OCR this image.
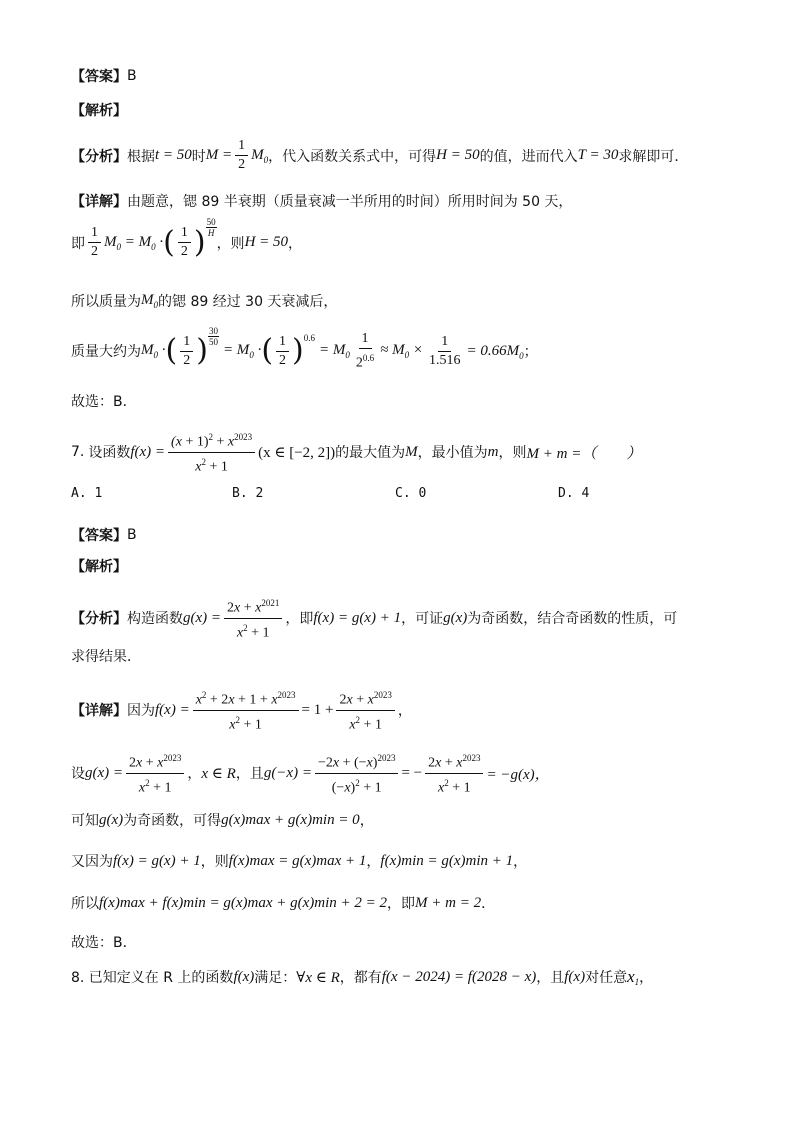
【答案】 B
【解析】
【分析】 根据 t = 50 时 $M = \frac{1}{2} M_0$ ，代入函数关系式中，可得 H = 50 的值，进而代入 T = 30 求解即可．
【详解】 由题意，锶 89 半衰期（质量衰减一半所用的时间）所用时间为 50 天，
即 $\frac{1}{2} M_0 = M_0$ · ( $\frac{1}{2}$ ) $\frac{50}{H}$
，则 H = 50 ，
所以质量为 $M_0$ 的锶 89 经过 30 天衰减后，
质量大约为 $M_0$ · ( $\frac{1}{2}$ ) $\frac{30}{50}$
= $M_0$ · ( $\frac{1}{2}$ ) 0.6
= $M_0 \frac{1}{2^{0.6}} \approx M_0 \times \frac{1}{1.516} = 0.66M$ 0 ；
故选：B．
7. 设函数 $f(x) = \frac{(x + 1)^2 + x^{2023}}{x^2 + 1} (x$ ∈ [−2, 2]) 的最大值为 M ，最小值为 m ，则 M + m =（　　）
A. 1	B. 2	C. 0	D. 4
【答案】 B
【解析】
【分析】 构造函数 $g(x) = \frac{2x + x^{2021}}{x^2 + 1}$ ，即 f(x) = g(x) + 1 ，可证 g(x) 为奇函数，结合奇函数的性质，可
求得结果．
【详解】 因为 $f(x) = \frac{x^2 + 2x + 1 + x^{2023}}{x^2 + 1} = 1 + \frac{2x + x^{2023}}{x^2 + 1}$ ，
设 $g(x) = \frac{2x + x^{2023}}{x^2 + 1}$ ， x ∈ R ，且 $g(-x) = \frac{-2x + (-x)^{2023}}{(-x)^2 + 1}$ = − $\frac{2x + x^{2023}}{x^2 + 1} = -g(x)$，
可知 g(x) 为奇函数，可得 g(x)max + g(x)min = 0 ，
又因为 f(x) = g(x) + 1 ，则 f(x)max = g(x)max + 1 ， f(x)min = g(x)min + 1 ，
所以 f(x)max + f(x)min = g(x)max + g(x)min + 2 = 2 ，即 M + m = 2 ．
故选：B．
8. 已知定义在 R 上的函数 f(x) 满足： ∀x ∈ R ，都有 f(x − 2024) = f(2028 − x) ，且 f(x) 对任意 x 1 ，
